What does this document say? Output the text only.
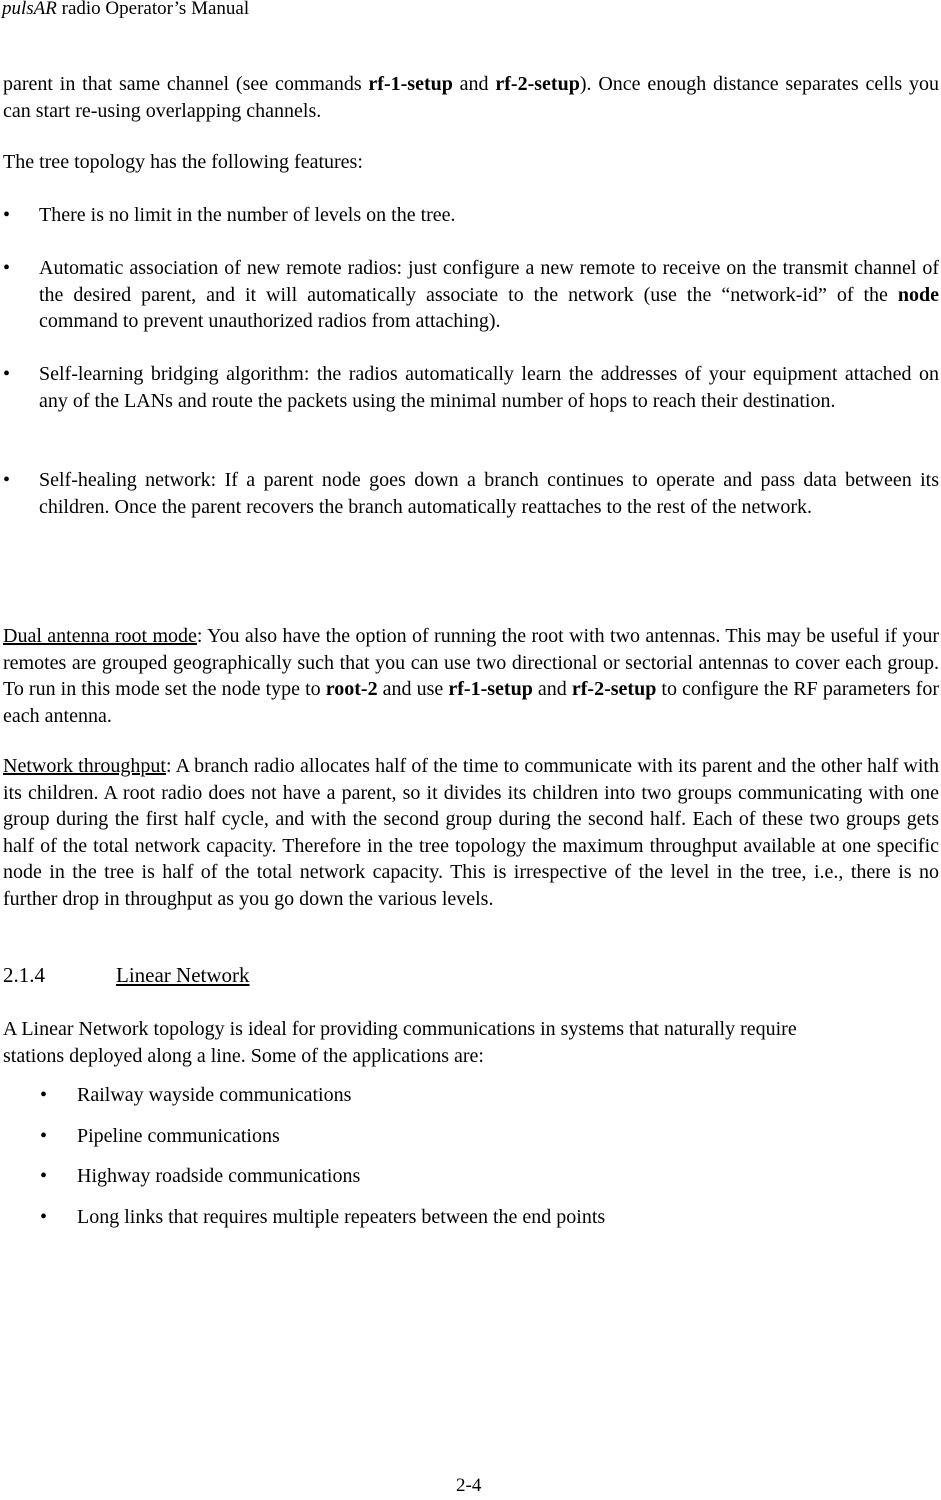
pulsAR radio Operator’s Manual

parent in that same channel (see commands rf-1-setup and rf-2-setup). Once enough distance separates cells you can start re-using overlapping channels.

The tree topology has the following features:

• There is no limit in the number of levels on the tree.
• Automatic association of new remote radios: just configure a new remote to receive on the transmit channel of the desired parent, and it will automatically associate to the network (use the “network-id” of the node command to prevent unauthorized radios from attaching).
• Self-learning bridging algorithm: the radios automatically learn the addresses of your equipment attached on any of the LANs and route the packets using the minimal number of hops to reach their destination.
• Self-healing network: If a parent node goes down a branch continues to operate and pass data between its children. Once the parent recovers the branch automatically reattaches to the rest of the network.

Dual antenna root mode: You also have the option of running the root with two antennas. This may be useful if your remotes are grouped geographically such that you can use two directional or sectorial antennas to cover each group. To run in this mode set the node type to root-2 and use rf-1-setup and rf-2-setup to configure the RF parameters for each antenna.

Network throughput: A branch radio allocates half of the time to communicate with its parent and the other half with its children. A root radio does not have a parent, so it divides its children into two groups communicating with one group during the first half cycle, and with the second group during the second half. Each of these two groups gets half of the total network capacity. Therefore in the tree topology the maximum throughput available at one specific node in the tree is half of the total network capacity. This is irrespective of the level in the tree, i.e., there is no further drop in throughput as you go down the various levels.

2.1.4	Linear Network
A Linear Network topology is ideal for providing communications in systems that naturally require
stations deployed along a line. Some of the applications are:
• Railway wayside communications
• Pipeline communications
• Highway roadside communications
• Long links that requires multiple repeaters between the end points
2-4
